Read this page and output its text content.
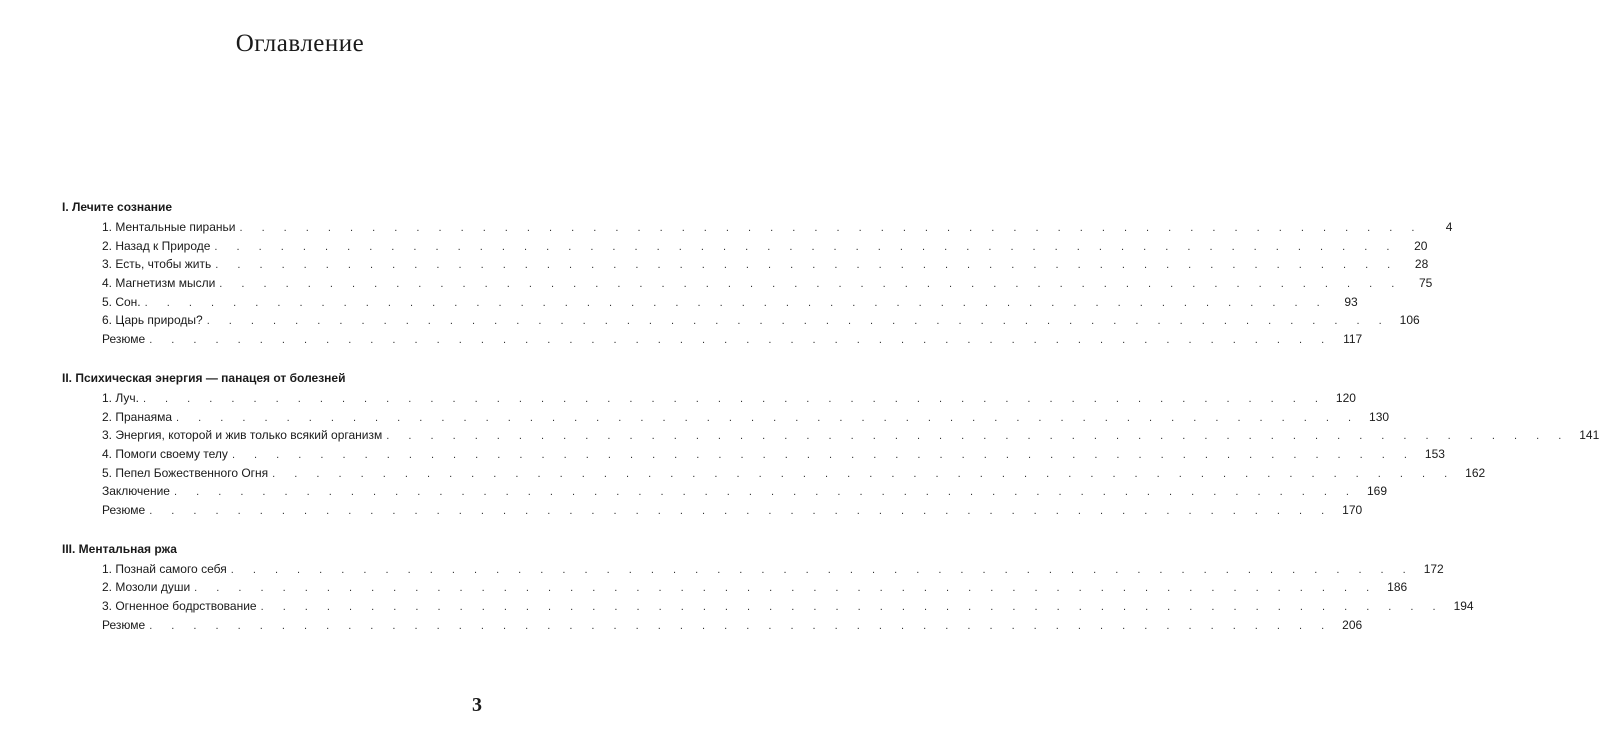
Оглавление
I. Лечите сознание
1. Ментальные пираньи . . . . . . . . . . . . . . . . . . . . . . . . . . . . . . . . . . . . . . . . . . . . . . . . . . . . . .	4
2. Назад к Природе . . . . . . . . . . . . . . . . . . . . . . . . . . . . . . . . . . . . . . . . . . . . . . . . . . . . . .	20
3. Есть, чтобы жить . . . . . . . . . . . . . . . . . . . . . . . . . . . . . . . . . . . . . . . . . . . . . . . . . . . . . .	28
4. Магнетизм мысли . . . . . . . . . . . . . . . . . . . . . . . . . . . . . . . . . . . . . . . . . . . . . . . . . . . . . .	75
5. Сон. . . . . . . . . . . . . . . . . . . . . . . . . . . . . . . . . . . . . . . . . . . . . . . . . . . . . . .	93
6. Царь природы? . . . . . . . . . . . . . . . . . . . . . . . . . . . . . . . . . . . . . . . . . . . . . . . . . . . . . . 106
Резюме . . . . . . . . . . . . . . . . . . . . . . . . . . . . . . . . . . . . . . . . . . . . . . . . . . . . . . 117
II. Психическая энергия — панацея от болезней
1. Луч. . . . . . . . . . . . . . . . . . . . . . . . . . . . . . . . . . . . . . . . . . . . . . . . . . . . . . . 120
2. Пранаяма . . . . . . . . . . . . . . . . . . . . . . . . . . . . . . . . . . . . . . . . . . . . . . . . . . . . . . 130
3. Энергия, которой и жив только всякий организм . . . . . . . . . . . . . . . . . . . . . . . . . . . . . . . . . . . . . . . . . . . . . . . . . . . . . . 141
4. Помоги своему телу . . . . . . . . . . . . . . . . . . . . . . . . . . . . . . . . . . . . . . . . . . . . . . . . . . . . . . 153
5. Пепел Божественного Огня . . . . . . . . . . . . . . . . . . . . . . . . . . . . . . . . . . . . . . . . . . . . . . . . . . . . . . 162
Заключение . . . . . . . . . . . . . . . . . . . . . . . . . . . . . . . . . . . . . . . . . . . . . . . . . . . . . . 169
Резюме . . . . . . . . . . . . . . . . . . . . . . . . . . . . . . . . . . . . . . . . . . . . . . . . . . . . . . 170
III. Ментальная ржа
1. Познай самого себя . . . . . . . . . . . . . . . . . . . . . . . . . . . . . . . . . . . . . . . . . . . . . . . . . . . . . . 172
2. Мозоли души . . . . . . . . . . . . . . . . . . . . . . . . . . . . . . . . . . . . . . . . . . . . . . . . . . . . . . 186
3. Огненное бодрствование . . . . . . . . . . . . . . . . . . . . . . . . . . . . . . . . . . . . . . . . . . . . . . . . . . . . . . 194
Резюме . . . . . . . . . . . . . . . . . . . . . . . . . . . . . . . . . . . . . . . . . . . . . . . . . . . . . . 206
3
